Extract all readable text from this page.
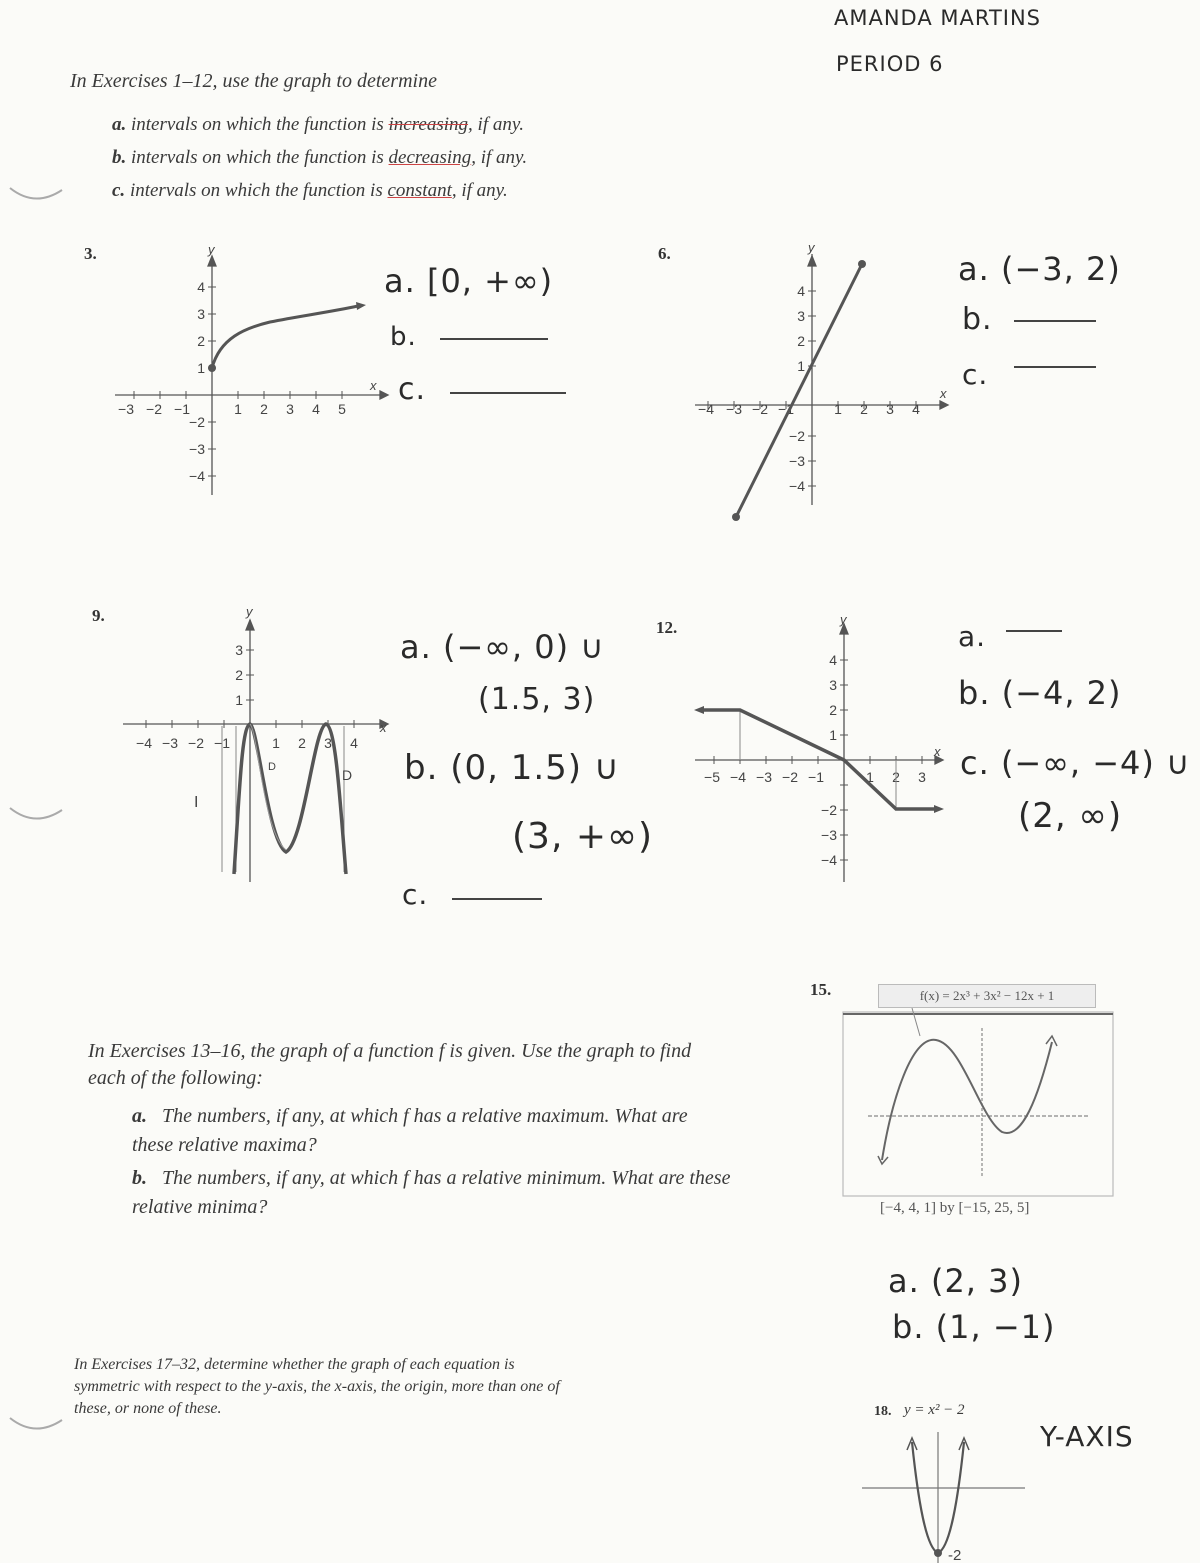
AMANDA MARTINS
PERIOD 6
In Exercises 1–12, use the graph to determine
a. intervals on which the function is increasing, if any.
b. intervals on which the function is decreasing, if any.
c. intervals on which the function is constant, if any.
3.	y
x
−3 −2 −1	1 2 3 4 5
4
3
2
1
−2
−3
−4
a. [0, +∞)
b.
c.
6.	y
x
−4 −3 −2 −1	1 2 3 4
4
3
2
1
−2
−3
−4
a. (−3, 2)
b.
c.
9.	y
x
−4 −3 −2 −1	1 2 3 4
3
2
1
I
D	D
a. (−∞, 0) ∪
(1.5, 3)
b. (0, 1.5) ∪
(3, +∞)
c.
12.	y
x
−5 −4 −3 −2 −1	1 2 3
4
3
2
1
−2
−3
−4
a.
b. (−4, 2)
c. (−∞, −4) ∪
(2, ∞)
In Exercises 13–16, the graph of a function f is given. Use the graph to find each of the following:
a. The numbers, if any, at which f has a relative maximum. What are these relative maxima?
b. The numbers, if any, at which f has a relative minimum. What are these relative minima?
15.	f(x) = 2x³ + 3x² − 12x + 1
[−4, 4, 1] by [−15, 25, 5]
a. (2, 3)
b. (1, −1)
In Exercises 17–32, determine whether the graph of each equation is symmetric with respect to the y-axis, the x-axis, the origin, more than one of these, or none of these.	18. y = x² − 2
-2
Y-AXIS
